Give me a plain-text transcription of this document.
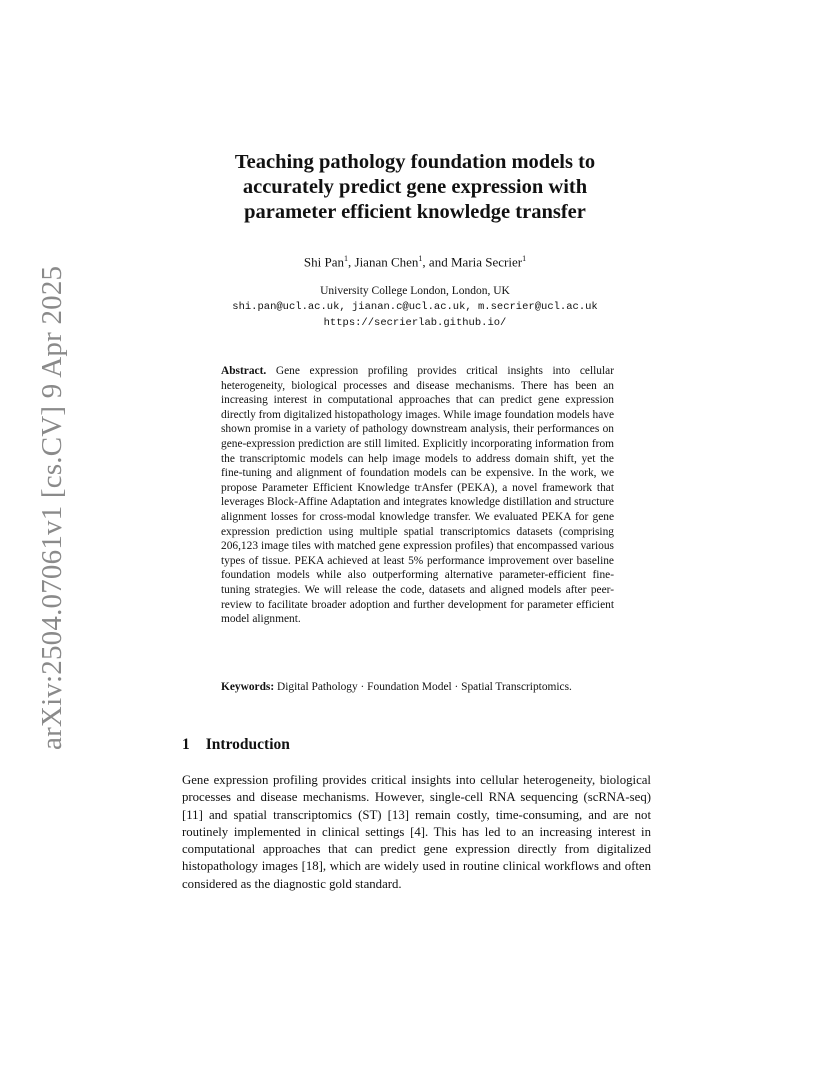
arXiv:2504.07061v1 [cs.CV] 9 Apr 2025
Teaching pathology foundation models to
accurately predict gene expression with
parameter efficient knowledge transfer
Shi Pan$^1$, Jianan Chen$^1$, and Maria Secrier$^1$
University College London, London, UK
shi.pan@ucl.ac.uk, jianan.c@ucl.ac.uk, m.secrier@ucl.ac.uk
https://secrierlab.github.io/
Abstract. Gene expression profiling provides critical insights into cellular heterogeneity, biological processes and disease mechanisms. There has been an increasing interest in computational approaches that can predict gene expression directly from digitalized histopathology images. While image foundation models have shown promise in a variety of pathology downstream analysis, their performances on gene-expression prediction are still limited. Explicitly incorporating information from the transcriptomic models can help image models to address domain shift, yet the fine-tuning and alignment of foundation models can be expensive. In the work, we propose Parameter Efficient Knowledge trAnsfer (PEKA), a novel framework that leverages Block-Affine Adaptation and integrates knowledge distillation and structure alignment losses for cross-modal knowledge transfer. We evaluated PEKA for gene expression prediction using multiple spatial transcriptomics datasets (comprising 206,123 image tiles with matched gene expression profiles) that encompassed various types of tissue. PEKA achieved at least 5% performance improvement over baseline foundation models while also outperforming alternative parameter-efficient fine-tuning strategies. We will release the code, datasets and aligned models after peer-review to facilitate broader adoption and further development for parameter efficient model alignment.
Keywords: Digital Pathology · Foundation Model · Spatial Transcriptomics.
1 Introduction
Gene expression profiling provides critical insights into cellular heterogeneity, biological processes and disease mechanisms. However, single-cell RNA sequencing (scRNA-seq) [11] and spatial transcriptomics (ST) [13] remain costly, time-consuming, and are not routinely implemented in clinical settings [4]. This has led to an increasing interest in computational approaches that can predict gene expression directly from digitalized histopathology images [18], which are widely used in routine clinical workflows and often considered as the diagnostic gold standard.
